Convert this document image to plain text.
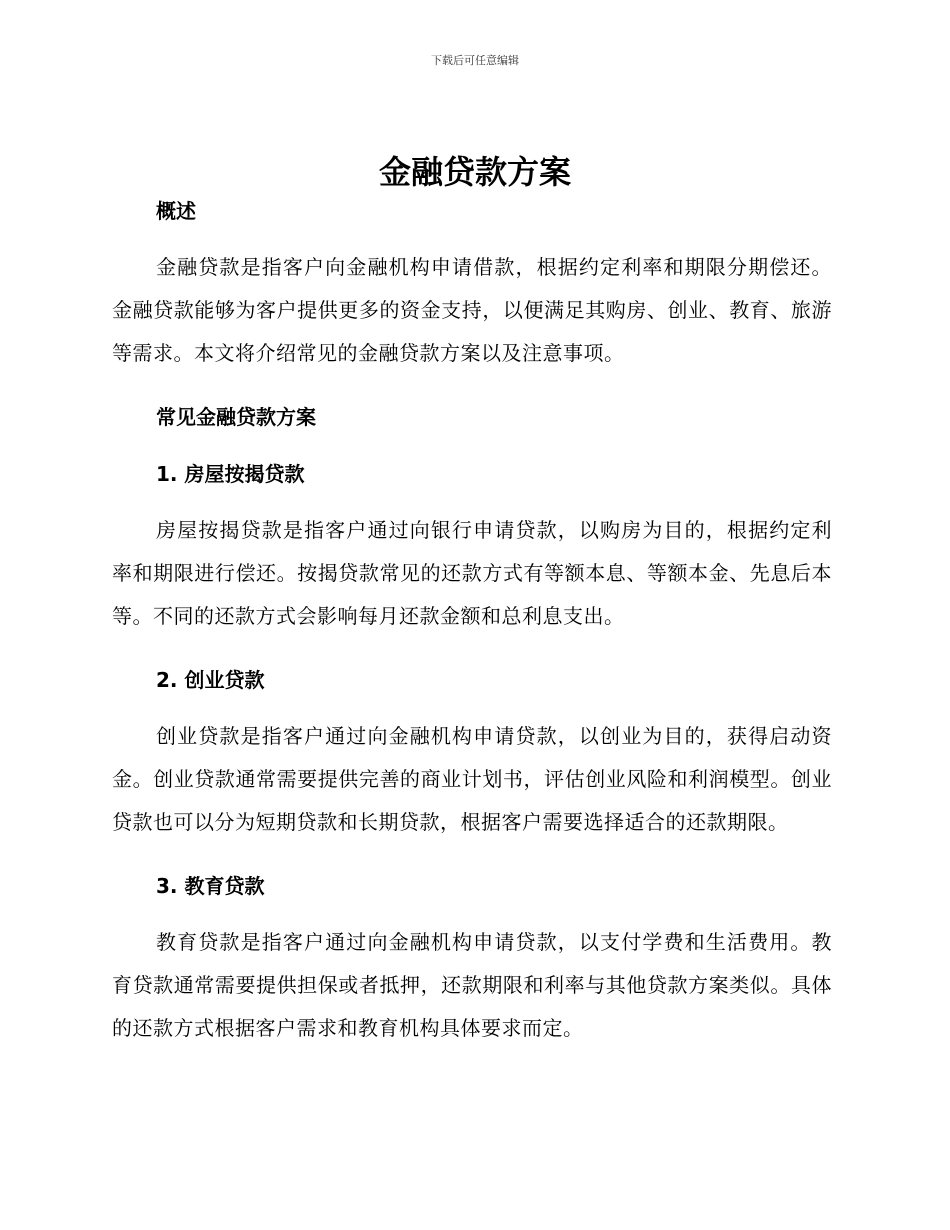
下载后可任意编辑
金融贷款方案
概述

金融贷款是指客户向金融机构申请借款，根据约定利率和期限分期偿还。金融贷款能够为客户提供更多的资金支持，以便满足其购房、创业、教育、旅游等需求。本文将介绍常见的金融贷款方案以及注意事项。

常见金融贷款方案
1. 房屋按揭贷款

房屋按揭贷款是指客户通过向银行申请贷款，以购房为目的，根据约定利率和期限进行偿还。按揭贷款常见的还款方式有等额本息、等额本金、先息后本等。不同的还款方式会影响每月还款金额和总利息支出。

2. 创业贷款

创业贷款是指客户通过向金融机构申请贷款，以创业为目的，获得启动资金。创业贷款通常需要提供完善的商业计划书，评估创业风险和利润模型。创业贷款也可以分为短期贷款和长期贷款，根据客户需要选择适合的还款期限。

3. 教育贷款

教育贷款是指客户通过向金融机构申请贷款，以支付学费和生活费用。教育贷款通常需要提供担保或者抵押，还款期限和利率与其他贷款方案类似。具体的还款方式根据客户需求和教育机构具体要求而定。
